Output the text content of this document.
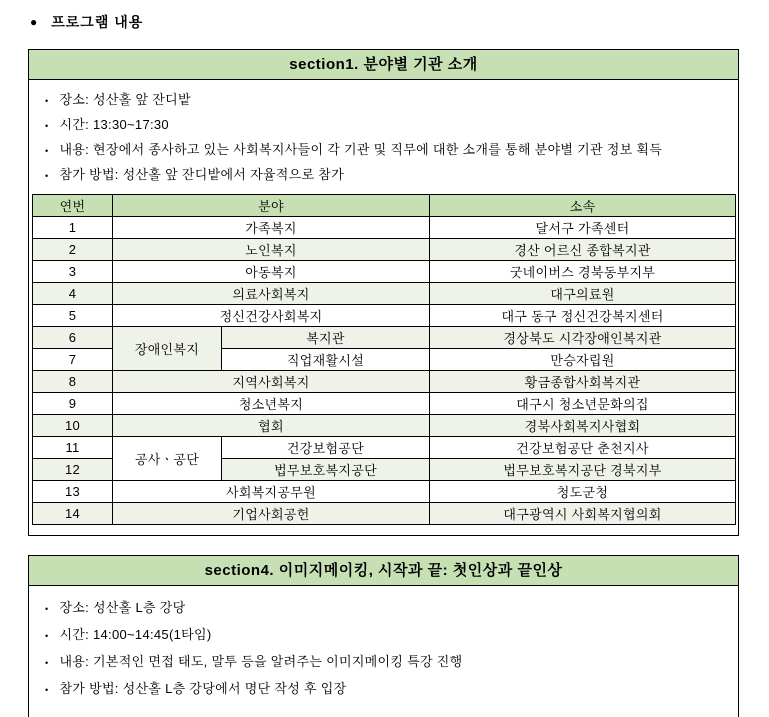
● 프로그램 내용
section1. 분야별 기관 소개
• 장소: 성산홀 앞 잔디밭
• 시간: 13:30~17:30
• 내용: 현장에서 종사하고 있는 사회복지사들이 각 기관 및 직무에 대한 소개를 통해 분야별 기관 정보 획득
• 참가 방법: 성산홀 앞 잔디밭에서 자율적으로 참가
연번	분야		소속
1	가족복지		달서구 가족센터
2	노인복지		경산 어르신 종합복지관
3	아동복지		굿네이버스 경북동부지부
4	의료사회복지		대구의료원
5	정신건강사회복지		대구 동구 정신건강복지센터
6	장애인복지	복지관	경상북도 시각장애인복지관
7		직업재활시설	만승자립원
8	지역사회복지		황금종합사회복지관
9	청소년복지		대구시 청소년문화의집
10	협회		경북사회복지사협회
11	공사ㆍ공단	건강보험공단	건강보험공단 춘천지사
12		법무보호복지공단	법무보호복지공단 경북지부
13	사회복지공무원		청도군청
14	기업사회공헌		대구광역시 사회복지협의회
section4. 이미지메이킹, 시작과 끝: 첫인상과 끝인상
• 장소: 성산홀 L층 강당
• 시간: 14:00~14:45(1타임)
• 내용: 기본적인 면접 태도, 말투 등을 알려주는 이미지메이킹 특강 진행
• 참가 방법: 성산홀 L층 강당에서 명단 작성 후 입장
